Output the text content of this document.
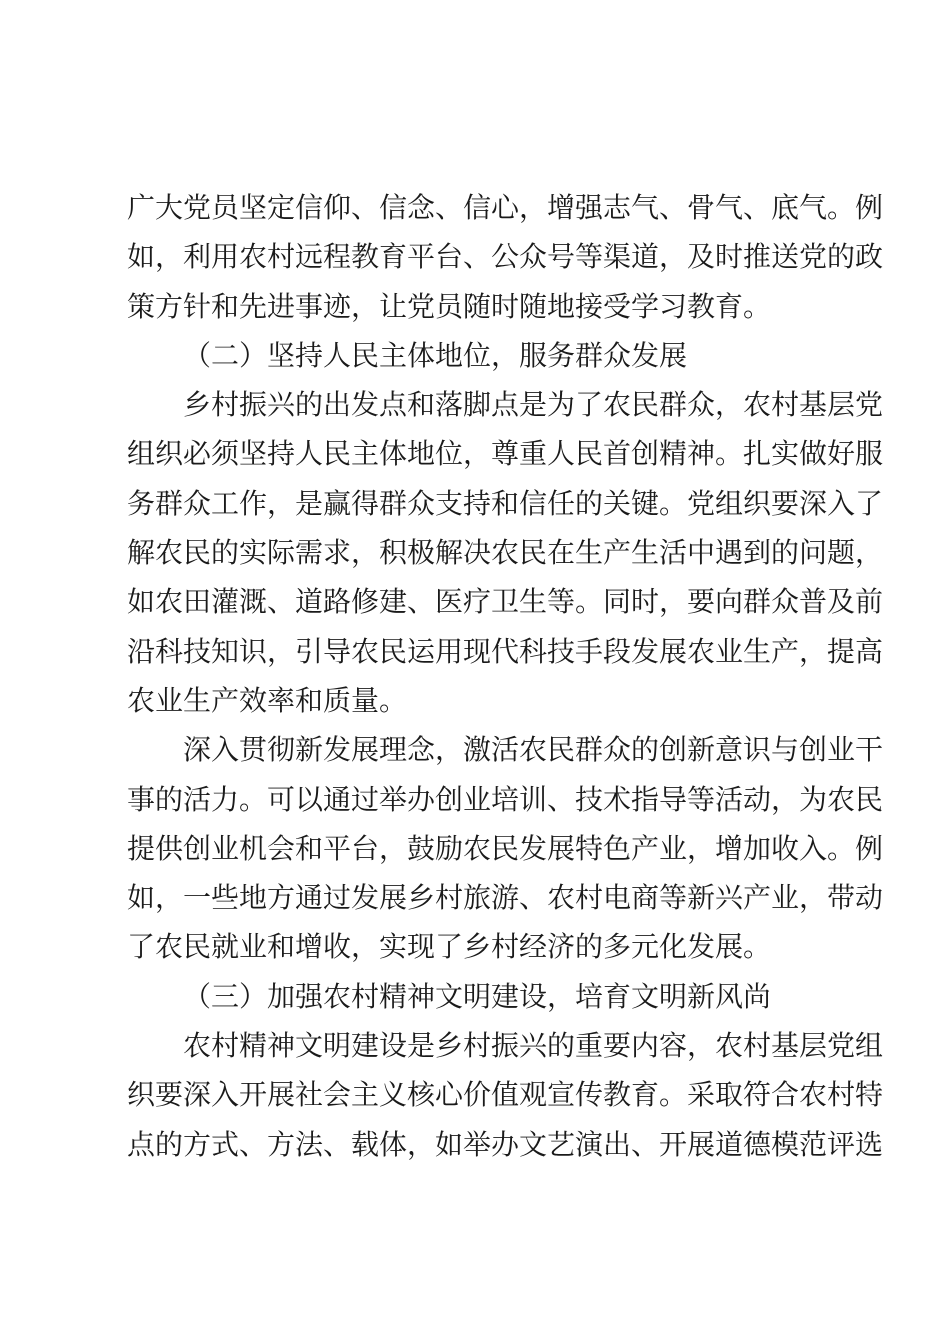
广大党员坚定信仰、信念、信心，增强志气、骨气、底气。例
如，利用农村远程教育平台、公众号等渠道，及时推送党的政
策方针和先进事迹，让党员随时随地接受学习教育。
（二）坚持人民主体地位，服务群众发展
乡村振兴的出发点和落脚点是为了农民群众，农村基层党
组织必须坚持人民主体地位，尊重人民首创精神。扎实做好服
务群众工作，是赢得群众支持和信任的关键。党组织要深入了
解农民的实际需求，积极解决农民在生产生活中遇到的问题，
如农田灌溉、道路修建、医疗卫生等。同时，要向群众普及前
沿科技知识，引导农民运用现代科技手段发展农业生产，提高
农业生产效率和质量。
深入贯彻新发展理念，激活农民群众的创新意识与创业干
事的活力。可以通过举办创业培训、技术指导等活动，为农民
提供创业机会和平台，鼓励农民发展特色产业，增加收入。例
如，一些地方通过发展乡村旅游、农村电商等新兴产业，带动
了农民就业和增收，实现了乡村经济的多元化发展。
（三）加强农村精神文明建设，培育文明新风尚
农村精神文明建设是乡村振兴的重要内容，农村基层党组
织要深入开展社会主义核心价值观宣传教育。采取符合农村特
点的方式、方法、载体，如举办文艺演出、开展道德模范评选
